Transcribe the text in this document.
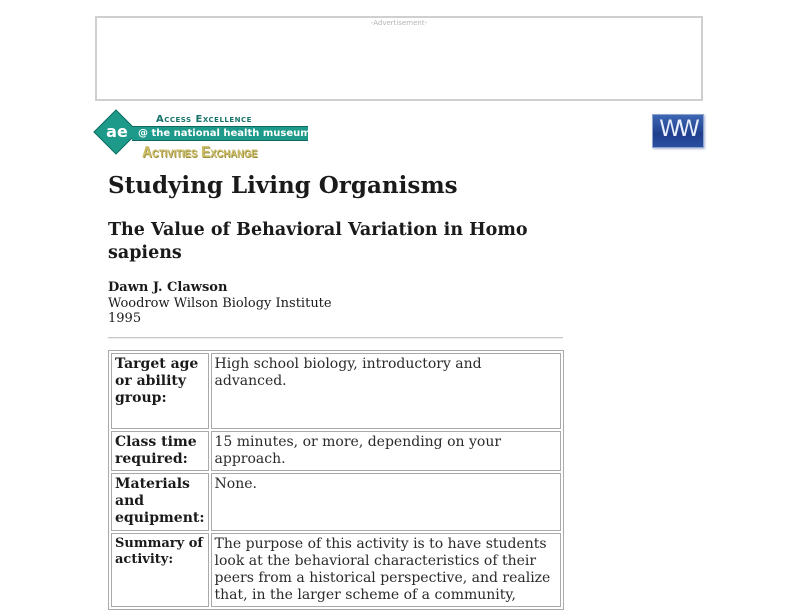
-Advertisement-
ae
Access Excellence
@ the national health museum
Activities Exchange
WW
Studying Living Organisms
The Value of Behavioral Variation in Homo sapiens
Dawn J. Clawson
Woodrow Wilson Biology Institute
1995
Target age or ability group:	High school biology, introductory and advanced.
Class time required:	15 minutes, or more, depending on your approach.
Materials and equipment:	None.
Summary of activity:	The purpose of this activity is to have students look at the behavioral characteristics of their peers from a historical perspective, and realize that, in the larger scheme of a community,
